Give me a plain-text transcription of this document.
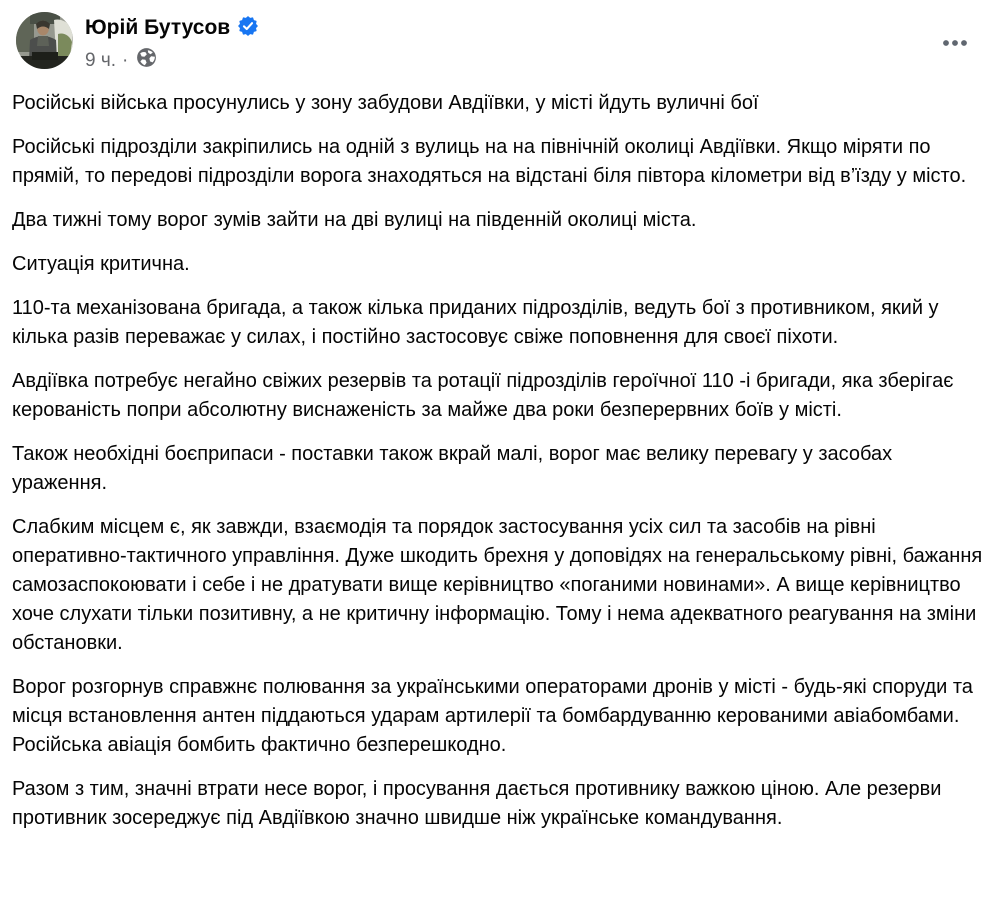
Юрій Бутусов
9 ч. ·

Російські війська просунулись у зону забудови Авдіївки, у місті йдуть вуличні бої

Російські підрозділи закріпились на одній з вулиць на на північній околиці Авдіївки. Якщо міряти по прямій, то передові підрозділи ворога знаходяться на відстані біля півтора кілометри від в’їзду у місто.

Два тижні тому ворог зумів зайти на дві вулиці на південній околиці міста.

Ситуація критична.

110-та механізована бригада, а також кілька приданих підрозділів, ведуть бої з противником, який у кілька разів переважає у силах, і постійно застосовує свіже поповнення для своєї піхоти.

Авдіївка потребує негайно свіжих резервів та ротації підрозділів героїчної 110 -і бригади, яка зберігає керованість попри абсолютну виснаженість за майже два роки безперервних боїв у місті.

Також необхідні боєприпаси - поставки також вкрай малі, ворог має велику перевагу у засобах ураження.

Слабким місцем є, як завжди, взаємодія та порядок застосування усіх сил та засобів на рівні оперативно-тактичного управління. Дуже шкодить брехня у доповідях на генеральському рівні, бажання самозаспокоювати і себе і не дратувати вище керівництво «поганими новинами». А вище керівництво хоче слухати тільки позитивну, а не критичну інформацію. Тому і нема адекватного реагування на зміни обстановки.

Ворог розгорнув справжнє полювання за українськими операторами дронів у місті - будь-які споруди та місця встановлення антен піддаються ударам артилерії та бомбардуванню керованими авіабомбами. Російська авіація бомбить фактично безперешкодно.

Разом з тим, значні втрати несе ворог, і просування дається противнику важкою ціною. Але резерви противник зосереджує під Авдіївкою значно швидше ніж українське командування.
